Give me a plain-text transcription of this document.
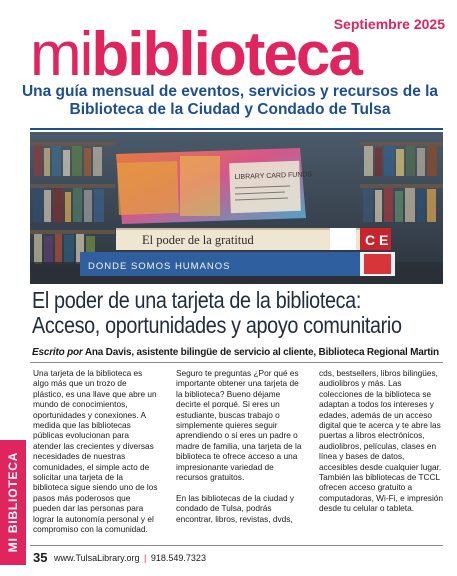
Septiembre 2025
mibiblioteca
Una guía mensual de eventos, servicios y recursos de la Biblioteca de la Ciudad y Condado de Tulsa
LIBRARY CARD FUNDS
El poder de la gratitud	C E
DONDE SOMOS HUMANOS
El poder de una tarjeta de la biblioteca:
Acceso, oportunidades y apoyo comunitario
Escrito por Ana Davis, asistente bilingüe de servicio al cliente, Biblioteca Regional Martin
MI BIBLIOTECA

Una tarjeta de la biblioteca es algo más que un trozo de plástico, es una llave que abre un mundo de conocimientos, oportunidades y conexiones. A medida que las bibliotecas públicas evolucionan para atender las crecientes y diversas necesidades de nuestras comunidades, el simple acto de solicitar una tarjeta de la biblioteca sigue siendo uno de los pasos más poderosos que pueden dar las personas para lograr la autonomía personal y el compromiso con la comunidad.

Seguro te preguntas ¿Por qué es importante obtener una tarjeta de la biblioteca? Bueno déjame decirte el porqué. Si eres un estudiante, buscas trabajo o simplemente quieres seguir aprendiendo o si eres un padre o madre de familia, una tarjeta de la biblioteca te ofrece acceso a una impresionante variedad de recursos gratuitos.

En las bibliotecas de la ciudad y condado de Tulsa, podrás encontrar, libros, revistas, dvds,

cds, bestsellers, libros bilingües, audiolibros y más. Las colecciones de la biblioteca se adaptan a todos los intereses y edades, además de un acceso digital que te acerca y te abre las puertas a libros electrónicos, audiolibros, películas, clases en línea y bases de datos, accesibles desde cualquier lugar. También las bibliotecas de TCCL ofrecen acceso gratuito a computadoras, Wi-Fi, e impresión desde tu celular o tableta.

35 www.TulsaLibrary.org | 918.549.7323
